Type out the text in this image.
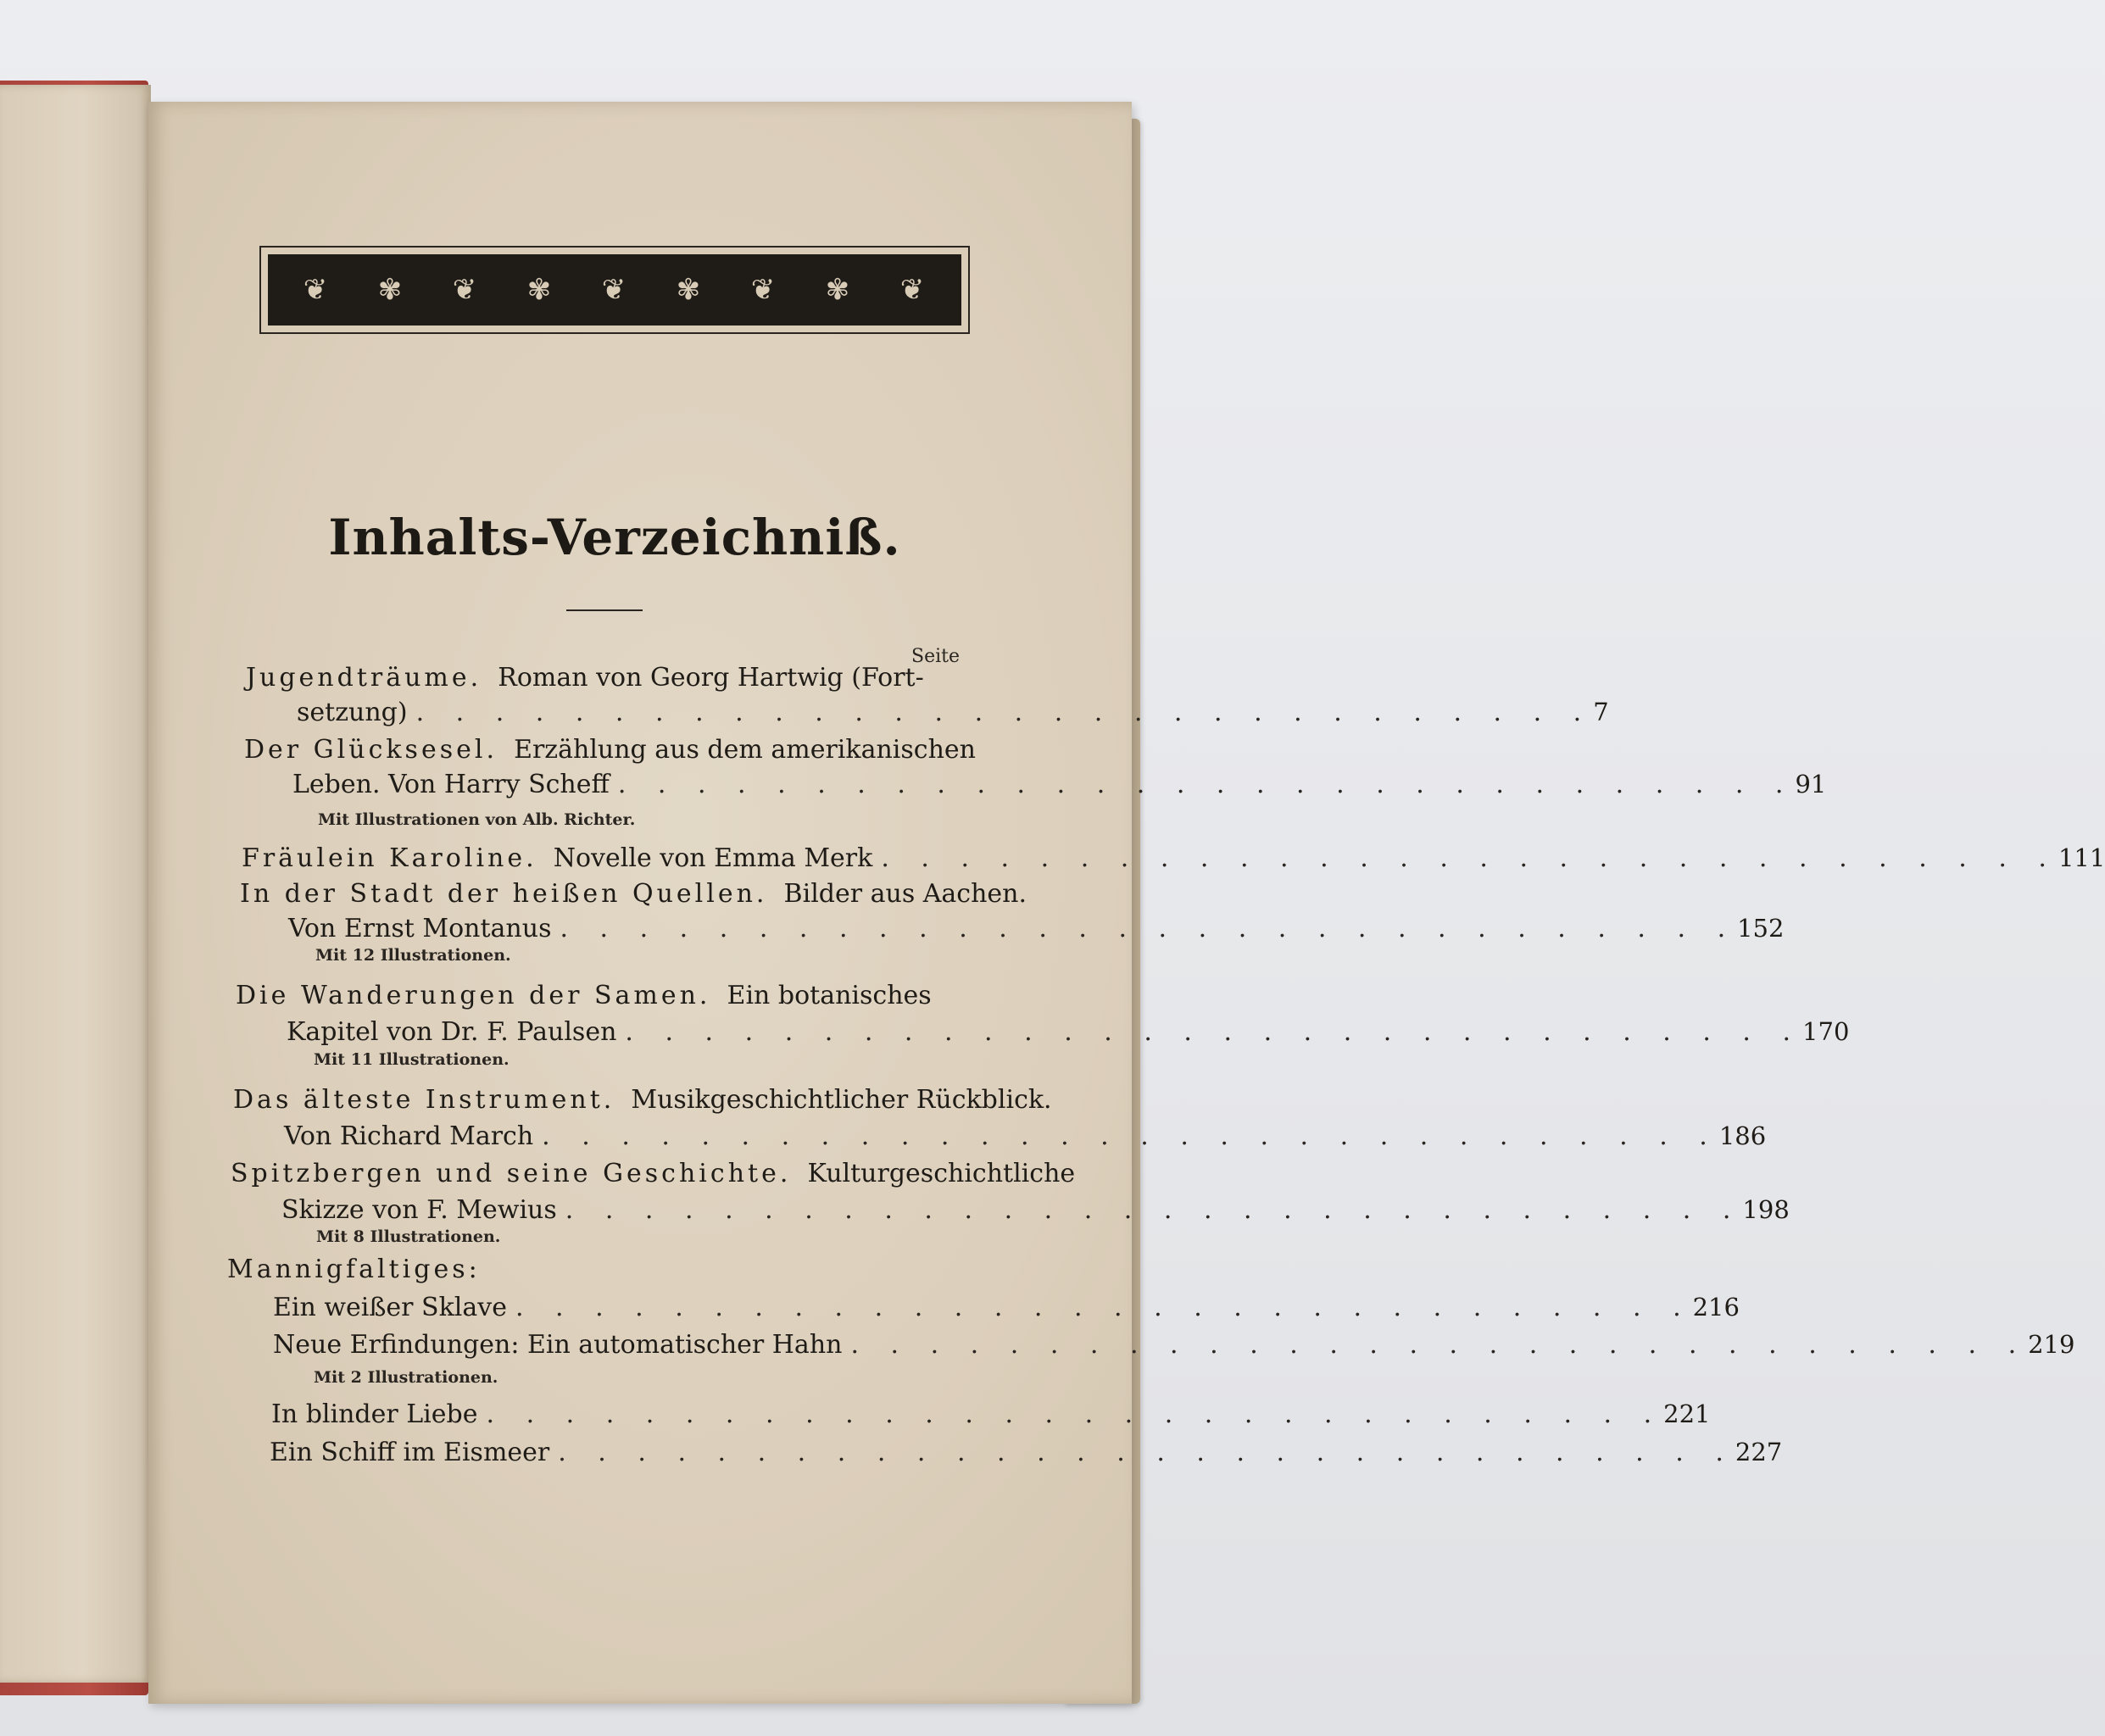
❦ ✾ ❦ ✾ ❦ ✾ ❦ ✾ ❦
Inhalts-Verzeichniß.
Seite
Jugendträume.
Roman von Georg Hartwig (Fort-
setzung) . . . . . . . . . . . . . . . . . . . . . . . . . . . . . . 7
Der Glücksesel.
Erzählung aus dem amerikanischen
Leben. Von Harry Scheff . . . . . . . . . . . . . . . . . . . . . . . . . . . . . . 91
Mit Illustrationen von Alb. Richter.
Fräulein Karoline.
Novelle von Emma Merk . . . . . . . . . . . . . . . . . . . . . . . . . . . . . . 111
In der Stadt der heißen Quellen.
Bilder aus Aachen.
Von Ernst Montanus . . . . . . . . . . . . . . . . . . . . . . . . . . . . . . 152
Mit 12 Illustrationen.
Die Wanderungen der Samen.
Ein botanisches
Kapitel von Dr. F. Paulsen . . . . . . . . . . . . . . . . . . . . . . . . . . . . . . 170
Mit 11 Illustrationen.
Das älteste Instrument.
Musikgeschichtlicher Rückblick.
Von Richard March . . . . . . . . . . . . . . . . . . . . . . . . . . . . . . 186
Spitzbergen und seine Geschichte.
Kulturgeschichtliche
Skizze von F. Mewius . . . . . . . . . . . . . . . . . . . . . . . . . . . . . . 198
Mit 8 Illustrationen.
Mannigfaltiges:
Ein weißer Sklave . . . . . . . . . . . . . . . . . . . . . . . . . . . . . . 216
Neue Erfindungen: Ein automatischer Hahn . . . . . . . . . . . . . . . . . . . . . . . . . . . . . . 219
Mit 2 Illustrationen.
In blinder Liebe . . . . . . . . . . . . . . . . . . . . . . . . . . . . . . 221
Ein Schiff im Eismeer . . . . . . . . . . . . . . . . . . . . . . . . . . . . . . 227
